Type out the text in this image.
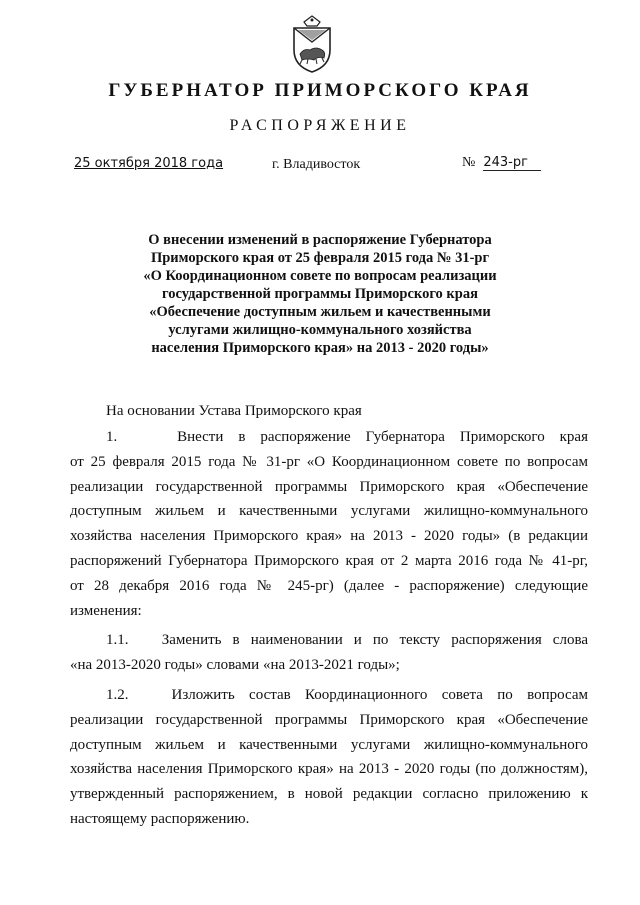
ГУБЕРНАТОР ПРИМОРСКОГО КРАЯ
РАСПОРЯЖЕНИЕ
25 октября 2018 года	г. Владивосток	№ 243-рг
О внесении изменений в распоряжение Губернатора
Приморского края от 25 февраля 2015 года № 31-рг
«О Координационном совете по вопросам реализации
государственной программы Приморского края
«Обеспечение доступным жильем и качественными
услугами жилищно-коммунального хозяйства
населения Приморского края» на 2013 - 2020 годы»
На основании Устава Приморского края
1.    Внести в распоряжение Губернатора Приморского края
от 25 февраля 2015 года № 31-рг «О Координационном совете по вопросам
реализации государственной программы Приморского края «Обеспечение
доступным жильем и качественными услугами жилищно-коммунального
хозяйства населения Приморского края» на 2013 - 2020 годы» (в редакции
распоряжений Губернатора Приморского края от 2 марта 2016 года № 41-рг,
от 28 декабря 2016 года № 245-рг) (далее - распоряжение) следующие
изменения:
1.1.   Заменить в наименовании и по тексту распоряжения слова
«на 2013-2020 годы» словами «на 2013-2021 годы»;
1.2.   Изложить состав Координационного совета по вопросам
реализации государственной программы Приморского края «Обеспечение
доступным жильем и качественными услугами жилищно-коммунального
хозяйства населения Приморского края» на 2013 - 2020 годы (по должностям),
утвержденный распоряжением, в новой редакции согласно приложению к
настоящему распоряжению.
